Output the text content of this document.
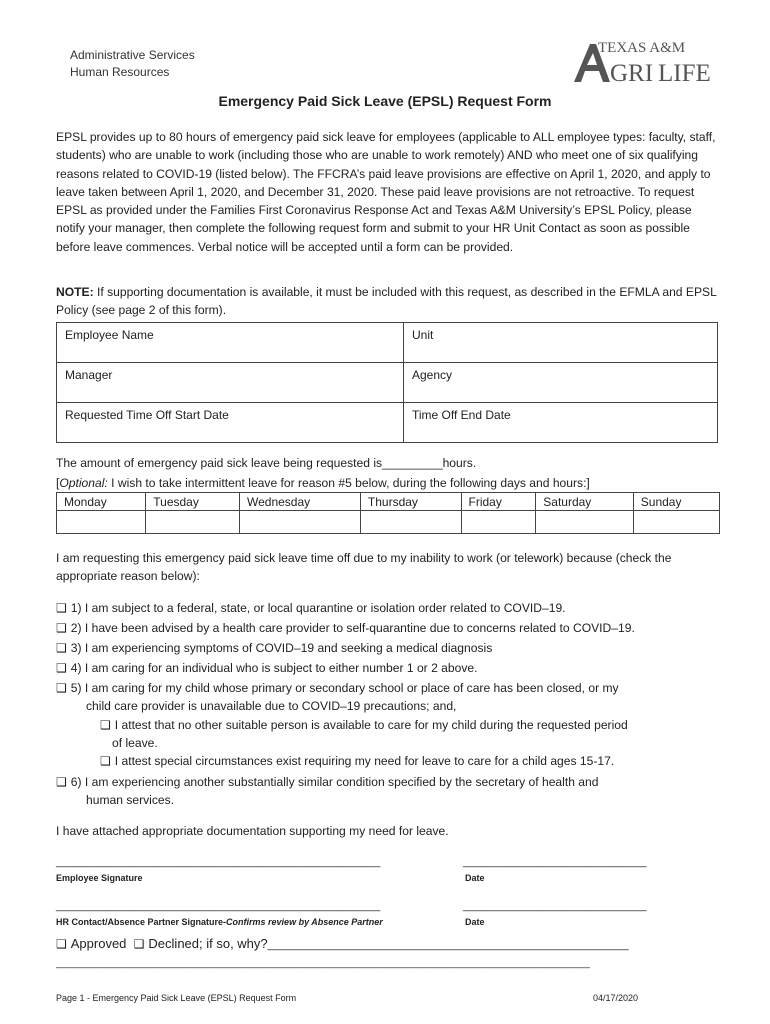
Administrative Services
Human Resources
TEXAS A&M
GRI LIFE
Emergency Paid Sick Leave (EPSL) Request Form
EPSL provides up to 80 hours of emergency paid sick leave for employees (applicable to ALL employee types: faculty, staff, students) who are unable to work (including those who are unable to work remotely) AND who meet one of six qualifying reasons related to COVID-19 (listed below). The FFCRA’s paid leave provisions are effective on April 1, 2020, and apply to leave taken between April 1, 2020, and December 31, 2020. These paid leave provisions are not retroactive. To request EPSL as provided under the Families First Coronavirus Response Act and Texas A&M University’s EPSL Policy, please notify your manager, then complete the following request form and submit to your HR Unit Contact as soon as possible before leave commences. Verbal notice will be accepted until a form can be provided.
NOTE: If supporting documentation is available, it must be included with this request, as described in the EFMLA and EPSL Policy (see page 2 of this form).
Employee Name	Unit
Manager	Agency
Requested Time Off Start Date	Time Off End Date
The amount of emergency paid sick leave being requested is_________hours.
[Optional: I wish to take intermittent leave for reason #5 below, during the following days and hours:]
Monday	Tuesday	Wednesday	Thursday	Friday	Saturday	Sunday

I am requesting this emergency paid sick leave time off due to my inability to work (or telework) because (check the appropriate reason below):
❑ 1) I am subject to a federal, state, or local quarantine or isolation order related to COVID–19.
❑ 2) I have been advised by a health care provider to self-quarantine due to concerns related to COVID–19.
❑ 3) I am experiencing symptoms of COVID–19 and seeking a medical diagnosis
❑ 4) I am caring for an individual who is subject to either number 1 or 2 above.
❑ 5) I am caring for my child whose primary or secondary school or place of care has been closed, or my
child care provider is unavailable due to COVID–19 precautions; and,
❑ I attest that no other suitable person is available to care for my child during the requested period
of leave.
❑ I attest special circumstances exist requiring my need for leave to care for a child ages 15-17.
❑ 6) I am experiencing another substantially similar condition specified by the secretary of health and
human services.
I have attached appropriate documentation supporting my need for leave.
_____________________________________________________	______________________________
Employee Signature	Date
_____________________________________________________	______________________________
HR Contact/Absence Partner Signature-Confirms review by Absence Partner	Date
❑ Approved ❑ Declined; if so, why?___________________________________________________________
________________________________________________________________________________________________
Page 1 - Emergency Paid Sick Leave (EPSL) Request Form	04/17/2020
